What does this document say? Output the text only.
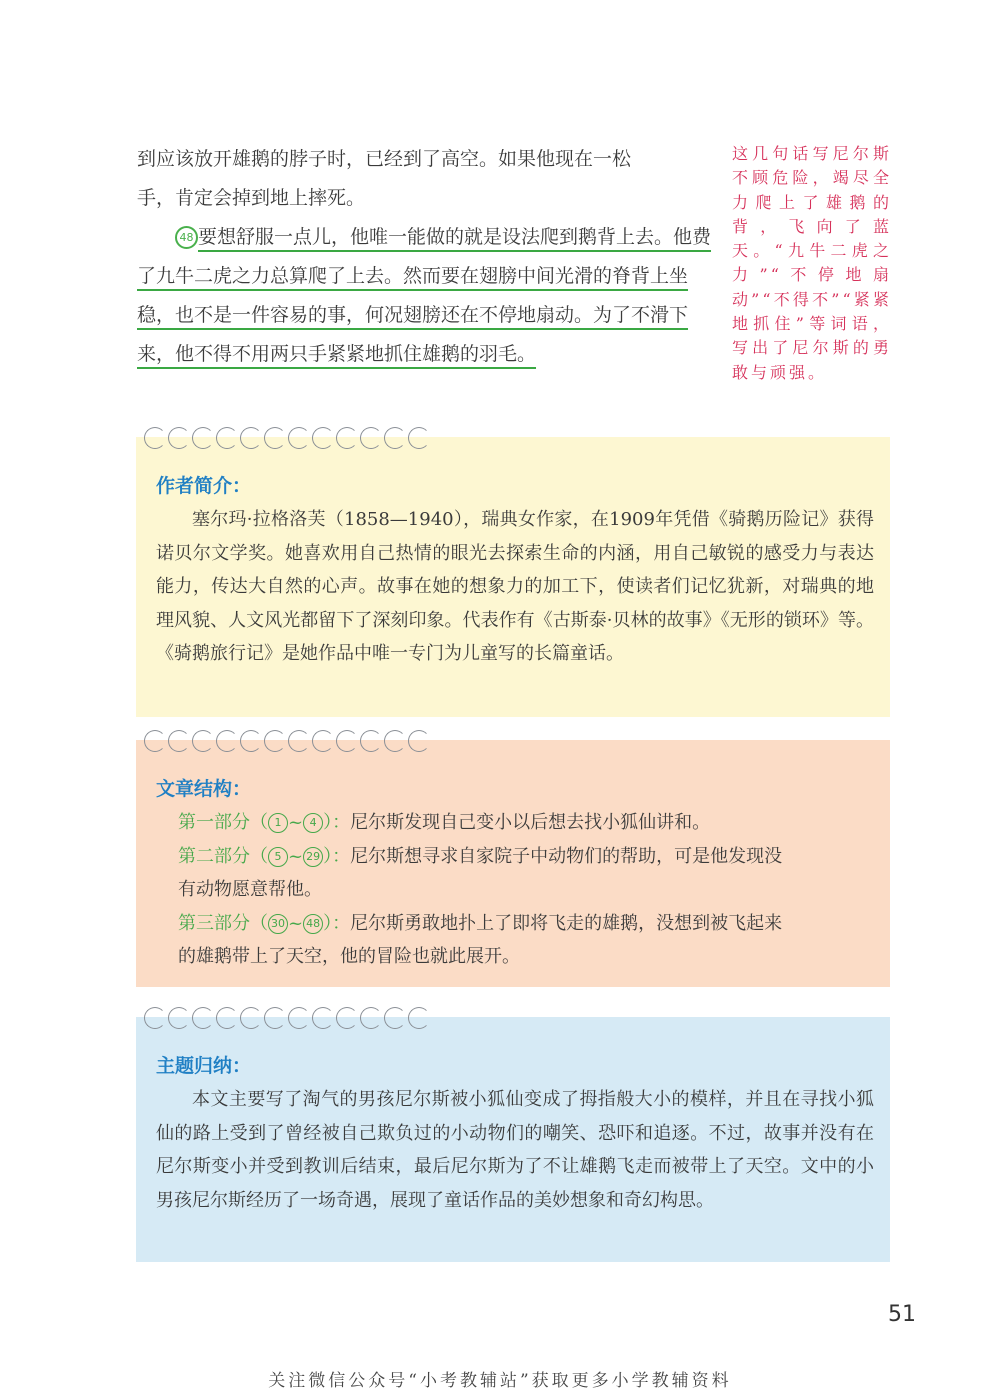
到应该放开雄鹅的脖子时，已经到了高空。如果他现在一松

手，肯定会掉到地上摔死。

48 要想舒服一点儿，他唯一能做的就是设法爬到鹅背上去。他费了九牛二虎之力总算爬了上去。然而要在翅膀中间光滑的脊背上坐稳，也不是一件容易的事，何况翅膀还在不停地扇动。为了不滑下来，他不得不用两只手紧紧地抓住雄鹅的羽毛。

这几句话写尼尔斯不顾危险，竭尽全力爬上了雄鹅的背，飞向了蓝天。“九牛二虎之力”“不停地扇动”“不得不”“紧紧地抓住”等词语，写出了尼尔斯的勇敢与顽强。
作者简介：

塞尔玛·拉格洛芙（1858—1940），瑞典女作家，在1909年凭借《骑鹅历险记》获得诺贝尔文学奖。她喜欢用自己热情的眼光去探索生命的内涵，用自己敏锐的感受力与表达能力，传达大自然的心声。故事在她的想象力的加工下，使读者们记忆犹新，对瑞典的地理风貌、人文风光都留下了深刻印象。代表作有《古斯泰·贝林的故事》《无形的锁环》等。《骑鹅旅行记》是她作品中唯一专门为儿童写的长篇童话。

文章结构：

第一部分（ 1 ~ 4 ）：尼尔斯发现自己变小以后想去找小狐仙讲和。

第二部分（ 5 ~ 29 ）：尼尔斯想寻求自家院子中动物们的帮助，可是他发现没

有动物愿意帮他。

第三部分（ 30 ~ 48 ）：尼尔斯勇敢地扑上了即将飞走的雄鹅，没想到被飞起来

的雄鹅带上了天空，他的冒险也就此展开。

主题归纳：

本文主要写了淘气的男孩尼尔斯被小狐仙变成了拇指般大小的模样，并且在寻找小狐仙的路上受到了曾经被自己欺负过的小动物们的嘲笑、恐吓和追逐。不过，故事并没有在尼尔斯变小并受到教训后结束，最后尼尔斯为了不让雄鹅飞走而被带上了天空。文中的小男孩尼尔斯经历了一场奇遇，展现了童话作品的美妙想象和奇幻构思。

51
关注微信公众号“小考教辅站”获取更多小学教辅资料
